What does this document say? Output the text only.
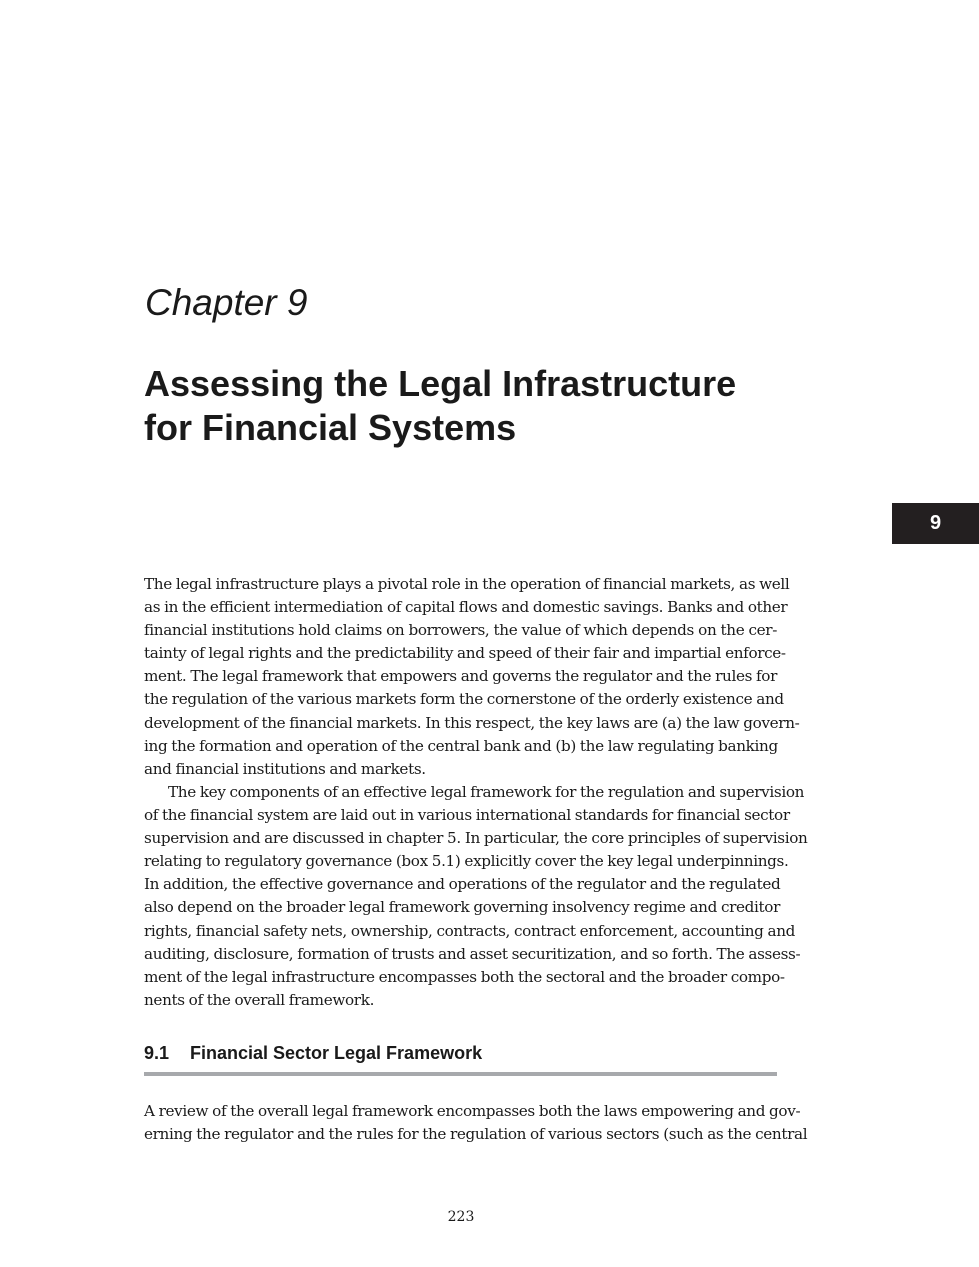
Chapter 9
Assessing the Legal Infrastructure
for Financial Systems
9

The legal infrastructure plays a pivotal role in the operation of financial markets, as well
as in the efficient intermediation of capital flows and domestic savings. Banks and other
financial institutions hold claims on borrowers, the value of which depends on the cer-
tainty of legal rights and the predictability and speed of their fair and impartial enforce-
ment. The legal framework that empowers and governs the regulator and the rules for
the regulation of the various markets form the cornerstone of the orderly existence and
development of the financial markets. In this respect, the key laws are (a) the law govern-
ing the formation and operation of the central bank and (b) the law regulating banking
and financial institutions and markets.

The key components of an effective legal framework for the regulation and supervision
of the financial system are laid out in various international standards for financial sector
supervision and are discussed in chapter 5. In particular, the core principles of supervision
relating to regulatory governance (box 5.1) explicitly cover the key legal underpinnings.
In addition, the effective governance and operations of the regulator and the regulated
also depend on the broader legal framework governing insolvency regime and creditor
rights, financial safety nets, ownership, contracts, contract enforcement, accounting and
auditing, disclosure, formation of trusts and asset securitization, and so forth. The assess-
ment of the legal infrastructure encompasses both the sectoral and the broader compo-
nents of the overall framework.

9.1 Financial Sector Legal Framework

A review of the overall legal framework encompasses both the laws empowering and gov-
erning the regulator and the rules for the regulation of various sectors (such as the central

223
